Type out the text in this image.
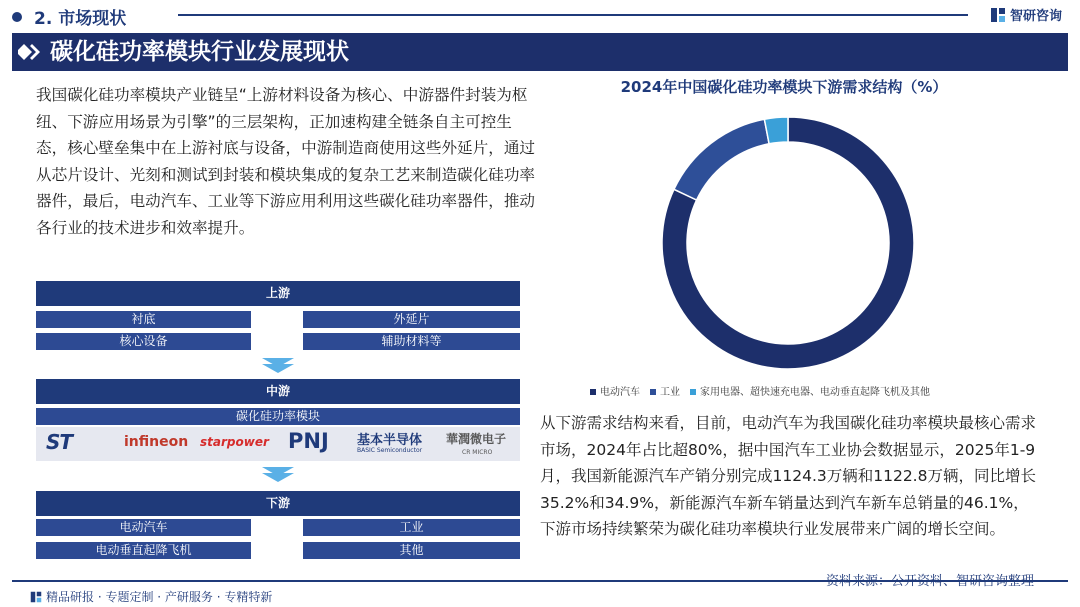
2. 市场现状	智研咨询
碳化硅功率模块行业发展现状
我国碳化硅功率模块产业链呈“上游材料设备为核心、中游器件封装为枢纽、下游应用场景为引擎”的三层架构，正加速构建全链条自主可控生态，核心壁垒集中在上游衬底与设备，中游制造商使用这些外延片，通过从芯片设计、光刻和测试到封装和模块集成的复杂工艺来制造碳化硅功率器件，最后，电动汽车、工业等下游应用利用这些碳化硅功率器件，推动各行业的技术进步和效率提升。
上游
衬底	外延片
核心设备	辅助材料等
中游
碳化硅功率模块
ST	infineon starpower PNJ 基本半导体
BASIC Semiconductor
華潤微电子
CR MICRO
下游
电动汽车	工业
电动垂直起降飞机	其他
2024年中国碳化硅功率模块下游需求结构（%）
电动汽车	工业	家用电器、超快速充电器、电动垂直起降飞机及其他
从下游需求结构来看，目前，电动汽车为我国碳化硅功率模块最核心需求市场，2024年占比超80%，据中国汽车工业协会数据显示，2025年1-9月，我国新能源汽车产销分别完成1124.3万辆和1122.8万辆，同比增长35.2%和34.9%，新能源汽车新车销量达到汽车新车总销量的46.1%，下游市场持续繁荣为碳化硅功率模块行业发展带来广阔的增长空间。
精品研报 · 专题定制 · 产研服务 · 专精特新
